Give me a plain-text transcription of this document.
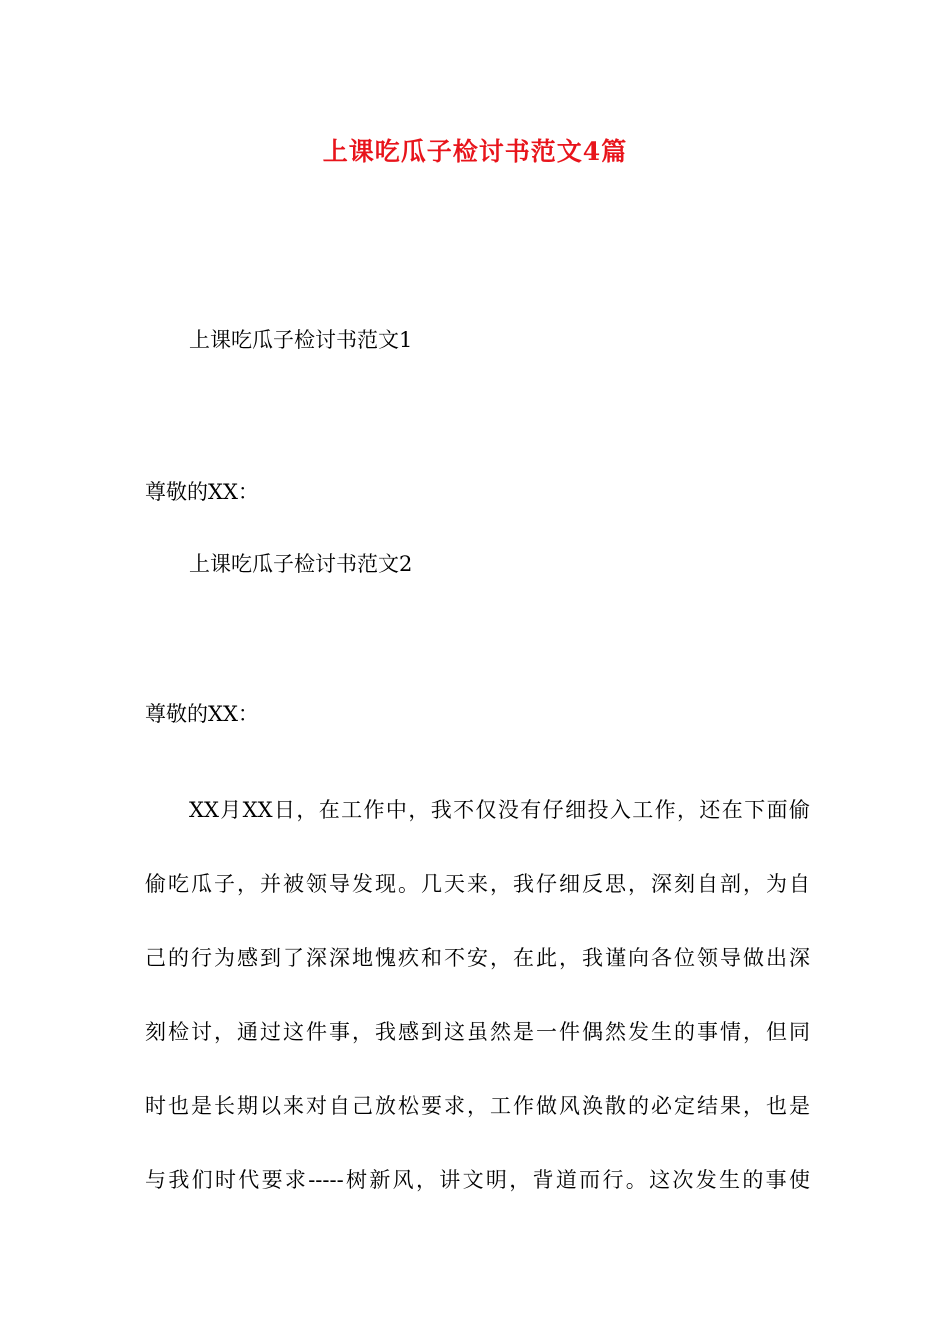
上课吃瓜子检讨书范文4篇
上课吃瓜子检讨书范文1
尊敬的XX：
上课吃瓜子检讨书范文2
尊敬的XX：
XX月XX日，在工作中，我不仅没有仔细投入工作，还在下面偷
偷吃瓜子，并被领导发现。几天来，我仔细反思，深刻自剖，为自
己的行为感到了深深地愧疚和不安，在此，我谨向各位领导做出深
刻检讨，通过这件事，我感到这虽然是一件偶然发生的事情，但同
时也是长期以来对自己放松要求，工作做风涣散的必定结果，也是
与我们时代要求-----树新风，讲文明，背道而行。这次发生的事使
